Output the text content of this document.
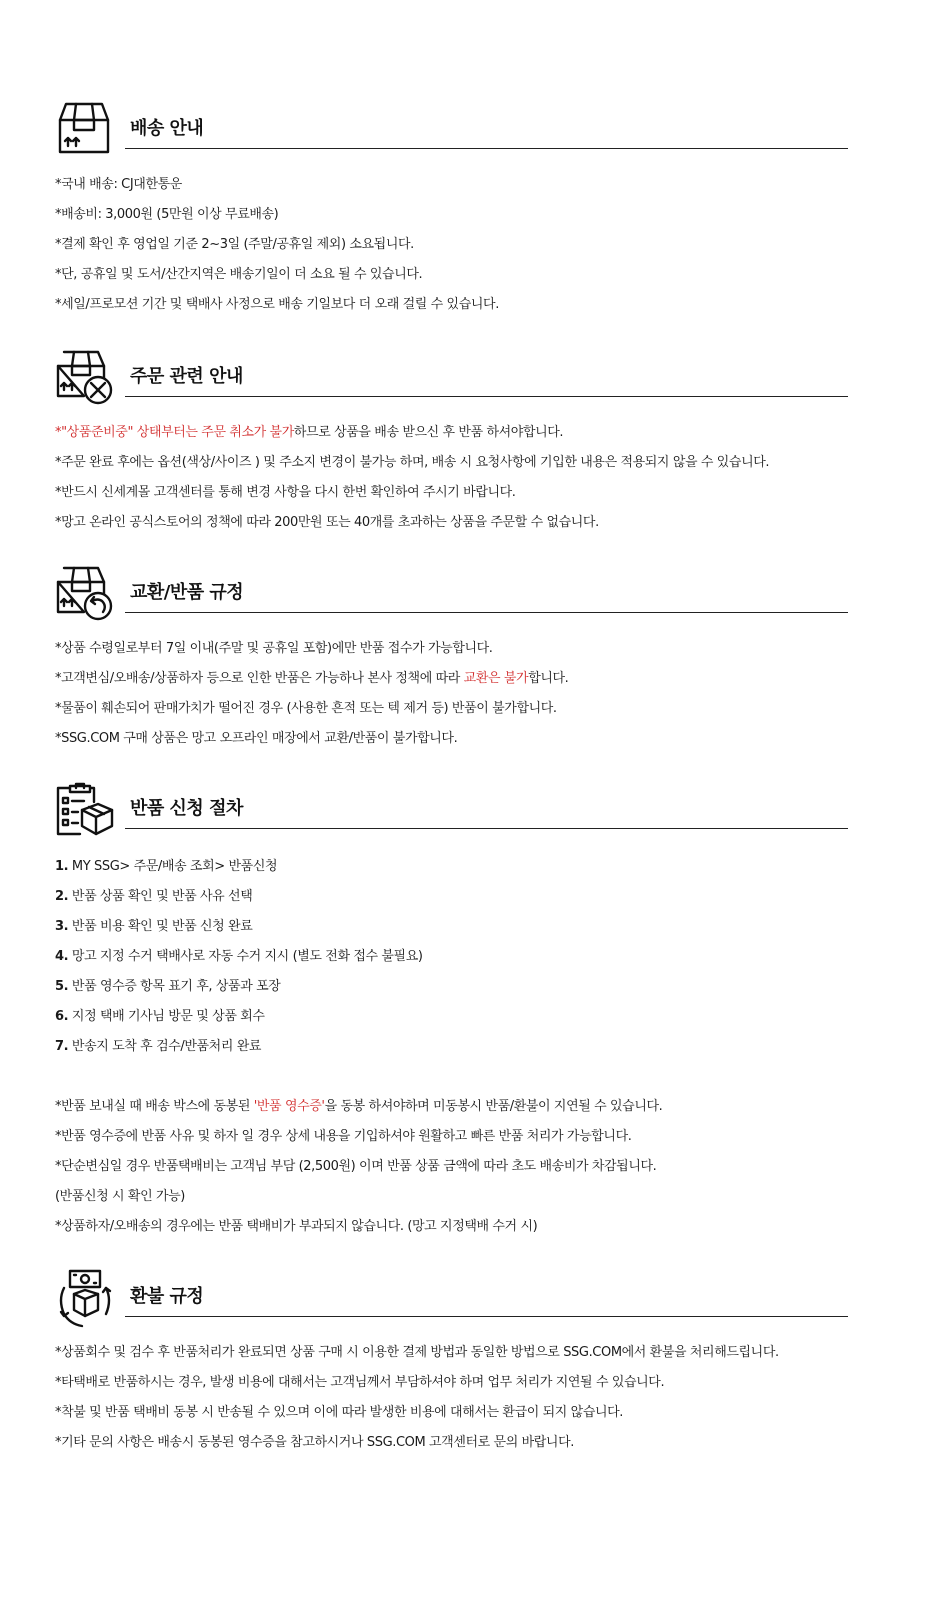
배송 안내
*국내 배송: CJ대한통운
*배송비: 3,000원 (5만원 이상 무료배송)
*결제 확인 후 영업일 기준 2~3일 (주말/공휴일 제외) 소요됩니다.
*단, 공휴일 및 도서/산간지역은 배송기일이 더 소요 될 수 있습니다.
*세일/프로모션 기간 및 택배사 사정으로 배송 기일보다 더 오래 걸릴 수 있습니다.
주문 관련 안내
*"상품준비중" 상태부터는 주문 취소가 불가하므로 상품을 배송 받으신 후 반품 하셔야합니다.
*주문 완료 후에는 옵션(색상/사이즈 ) 및 주소지 변경이 불가능 하며, 배송 시 요청사항에 기입한 내용은 적용되지 않을 수 있습니다.
*반드시 신세계몰 고객센터를 통해 변경 사항을 다시 한번 확인하여 주시기 바랍니다.
*망고 온라인 공식스토어의 정책에 따라 200만원 또는 40개를 초과하는 상품을 주문할 수 없습니다.
교환/반품 규정
*상품 수령일로부터 7일 이내(주말 및 공휴일 포함)에만 반품 접수가 가능합니다.
*고객변심/오배송/상품하자 등으로 인한 반품은 가능하나 본사 정책에 따라 교환은 불가합니다.
*물품이 훼손되어 판매가치가 떨어진 경우 (사용한 흔적 또는 텍 제거 등) 반품이 불가합니다.
*SSG.COM 구매 상품은 망고 오프라인 매장에서 교환/반품이 불가합니다.
반품 신청 절차
1. MY SSG> 주문/배송 조회> 반품신청
2. 반품 상품 확인 및 반품 사유 선택
3. 반품 비용 확인 및 반품 신청 완료
4. 망고 지정 수거 택배사로 자동 수거 지시 (별도 전화 접수 불필요)
5. 반품 영수증 항목 표기 후, 상품과 포장
6. 지정 택배 기사님 방문 및 상품 회수
7. 반송지 도착 후 검수/반품처리 완료
*반품 보내실 때 배송 박스에 동봉된 '반품 영수증'을 동봉 하셔야하며 미동봉시 반품/환불이 지연될 수 있습니다.
*반품 영수증에 반품 사유 및 하자 일 경우 상세 내용을 기입하셔야 원활하고 빠른 반품 처리가 가능합니다.
*단순변심일 경우 반품택배비는 고객님 부담 (2,500원) 이며 반품 상품 금액에 따라 초도 배송비가 차감됩니다.
(반품신청 시 확인 가능)
*상품하자/오배송의 경우에는 반품 택배비가 부과되지 않습니다. (망고 지정택배 수거 시)
환불 규정
*상품회수 및 검수 후 반품처리가 완료되면 상품 구매 시 이용한 결제 방법과 동일한 방법으로 SSG.COM에서 환불을 처리해드립니다.
*타택배로 반품하시는 경우, 발생 비용에 대해서는 고객님께서 부담하셔야 하며 업무 처리가 지연될 수 있습니다.
*착불 및 반품 택배비 동봉 시 반송될 수 있으며 이에 따라 발생한 비용에 대해서는 환급이 되지 않습니다.
*기타 문의 사항은 배송시 동봉된 영수증을 참고하시거나 SSG.COM 고객센터로 문의 바랍니다.
